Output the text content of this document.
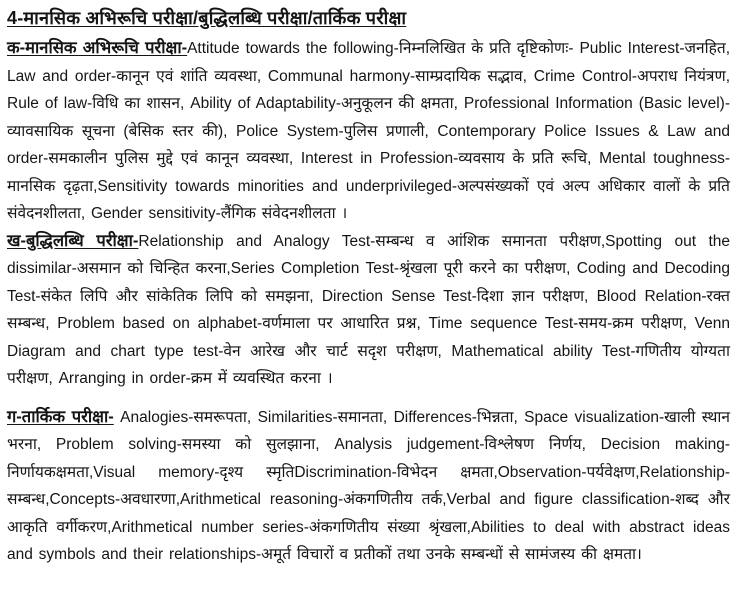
4-मानसिक अभिरूचि परीक्षा/बुद्धिलब्धि परीक्षा/तार्किक परीक्षा

क-मानसिक अभिरूचि परीक्षा-Attitude towards the following-निम्नलिखित के प्रति दृष्टिकोणः- Public Interest-जनहित, Law and order-कानून एवं शांति व्यवस्था, Communal harmony-साम्प्रदायिक सद्भाव, Crime Control-अपराध नियंत्रण, Rule of law-विधि का शासन, Ability of Adaptability-अनुकूलन की क्षमता, Professional Information (Basic level)-व्यावसायिक सूचना (बेसिक स्तर की), Police System-पुलिस प्रणाली, Contemporary Police Issues & Law and order-समकालीन पुलिस मुद्दे एवं कानून व्यवस्था, Interest in Profession-व्यवसाय के प्रति रूचि, Mental toughness-मानसिक दृढ़ता,Sensitivity towards minorities and underprivileged-अल्पसंख्यकों एवं अल्प अधिकार वालों के प्रति संवेदनशीलता, Gender sensitivity-लैंगिक संवेदनशीलता ।

ख-बुद्धिलब्धि परीक्षा-Relationship and Analogy Test-सम्बन्ध व आंशिक समानता परीक्षण,Spotting out the dissimilar-असमान को चिन्हित करना,Series Completion Test-श्रृंखला पूरी करने का परीक्षण, Coding and Decoding Test-संकेत लिपि और सांकेतिक लिपि को समझना, Direction Sense Test-दिशा ज्ञान परीक्षण, Blood Relation-रक्त सम्बन्ध, Problem based on alphabet-वर्णमाला पर आधारित प्रश्न, Time sequence Test-समय-क्रम परीक्षण, Venn Diagram and chart type test-वेन आरेख और चार्ट सदृश परीक्षण, Mathematical ability Test-गणितीय योग्यता परीक्षण, Arranging in order-क्रम में व्यवस्थित करना ।

ग-तार्किक परीक्षा- Analogies-समरूपता, Similarities-समानता, Differences-भिन्नता, Space visualization-खाली स्थान भरना, Problem solving-समस्या को सुलझाना, Analysis judgement-विश्लेषण निर्णय, Decision making-निर्णायकक्षमता,Visual memory-दृश्य स्मृतिDiscrimination-विभेदन क्षमता,Observation-पर्यवेक्षण,Relationship-सम्बन्ध,Concepts-अवधारणा,Arithmetical reasoning-अंकगणितीय तर्क,Verbal and figure classification-शब्द और आकृति वर्गीकरण,Arithmetical number series-अंकगणितीय संख्या श्रृंखला,Abilities to deal with abstract ideas and symbols and their relationships-अमूर्त विचारों व प्रतीकों तथा उनके सम्बन्धों से सामंजस्य की क्षमता।
